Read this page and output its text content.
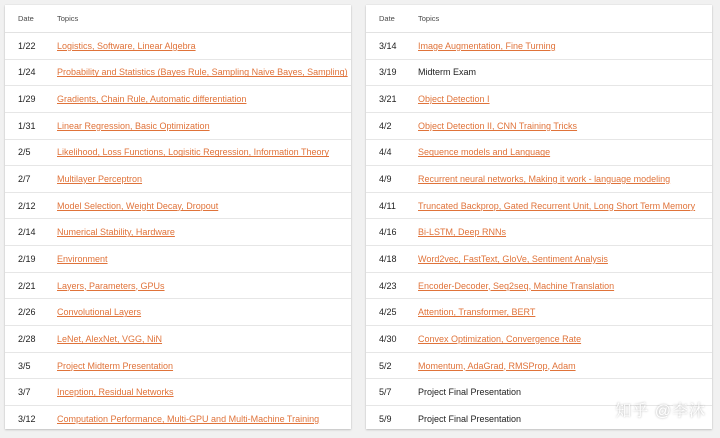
Date	Topics
1/22	Logistics, Software, Linear Algebra
1/24	Probability and Statistics (Bayes Rule, Sampling Naive Bayes, Sampling)
1/29	Gradients, Chain Rule, Automatic differentiation
1/31	Linear Regression, Basic Optimization
2/5	Likelihood, Loss Functions, Logisitic Regression, Information Theory
2/7	Multilayer Perceptron
2/12	Model Selection, Weight Decay, Dropout
2/14	Numerical Stability, Hardware
2/19	Environment
2/21	Layers, Parameters, GPUs
2/26	Convolutional Layers
2/28	LeNet, AlexNet, VGG, NiN
3/5	Project Midterm Presentation
3/7	Inception, Residual Networks
3/12	Computation Performance, Multi-GPU and Multi-Machine Training
Date	Topics
3/14	Image Augmentation, Fine Turning
3/19	Midterm Exam
3/21	Object Detection I
4/2	Object Detection II, CNN Training Tricks
4/4	Sequence models and Language
4/9	Recurrent neural networks, Making it work - language modeling
4/11	Truncated Backprop, Gated Recurrent Unit, Long Short Term Memory
4/16	Bi-LSTM, Deep RNNs
4/18	Word2vec, FastText, GloVe, Sentiment Analysis
4/23	Encoder-Decoder, Seq2seq, Machine Translation
4/25	Attention, Transformer, BERT
4/30	Convex Optimization, Convergence Rate
5/2	Momentum, AdaGrad, RMSProp, Adam
5/7	Project Final Presentation
5/9	Project Final Presentation	知乎 @李沐
